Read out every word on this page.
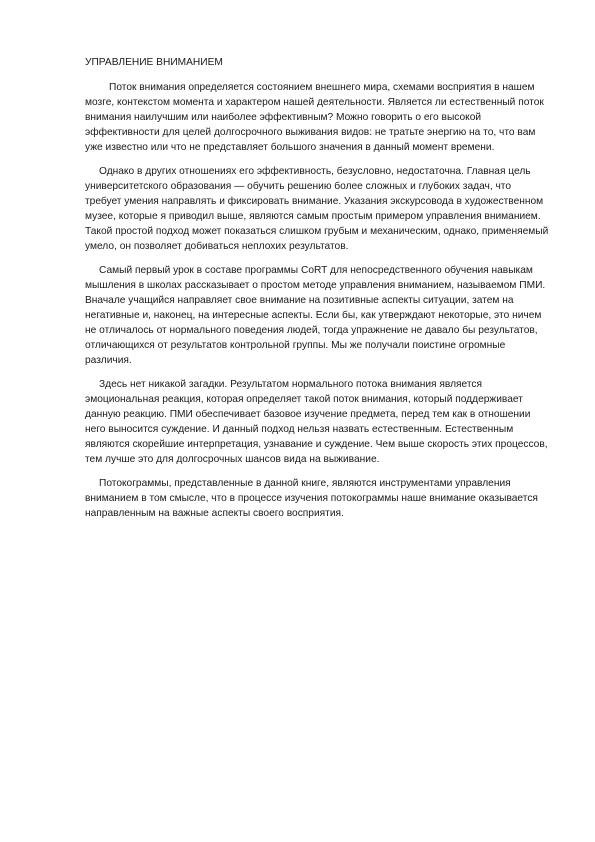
УПРАВЛЕНИЕ ВНИМАНИЕМ

Поток внимания определяется состоянием внешнего мира, схемами восприятия в нашем мозге, контекстом момента и характером нашей деятельности. Является ли естественный поток внимания наилучшим или наиболее эффективным? Можно говорить о его высокой эффективности для целей долгосрочного выживания видов: не тратьте энергию на то, что вам уже известно или что не представляет большого значения в данный момент времени.

Однако в других отношениях его эффективность, безусловно, недостаточна. Главная цель университетского образования — обучить решению более сложных и глубоких задач, что требует умения направлять и фиксировать внимание. Указания экскурсовода в художественном музее, которые я приводил выше, являются самым простым примером управления вниманием. Такой простой подход может показаться слишком грубым и механическим, однако, применяемый умело, он позволяет добиваться неплохих результатов.

Самый первый урок в составе программы CoRT для непосредственного обучения навыкам мышления в школах рассказывает о простом методе управления вниманием, называемом ПМИ. Вначале учащийся направляет свое внимание на позитивные аспекты ситуации, затем на негативные и, наконец, на интересные аспекты. Если бы, как утверждают некоторые, это ничем не отличалось от нормального поведения людей, тогда упражнение не давало бы результатов, отличающихся от результатов контрольной группы. Мы же получали поистине огромные различия.

Здесь нет никакой загадки. Результатом нормального потока внимания является эмоциональная реакция, которая определяет такой поток внимания, который поддерживает данную реакцию. ПМИ обеспечивает базовое изучение предмета, перед тем как в отношении него выносится суждение. И данный подход нельзя назвать естественным. Естественным являются скорейшие интерпретация, узнавание и суждение. Чем выше скорость этих процессов, тем лучше это для долгосрочных шансов вида на выживание.

Потокограммы, представленные в данной книге, являются инструментами управления вниманием в том смысле, что в процессе изучения потокограммы наше внимание оказывается направленным на важные аспекты своего восприятия.
